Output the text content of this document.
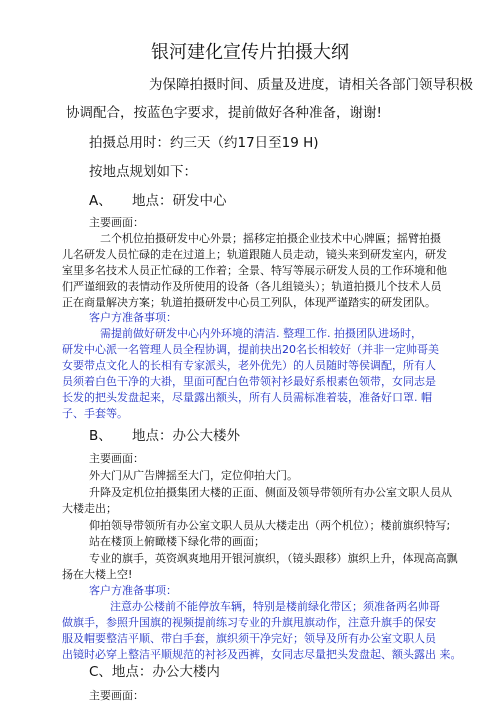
银河建化宣传片拍摄大纲
为保障拍摄时间、质量及进度，请相关各部门领导积极
协调配合，按蓝色字要求，提前做好各种准备，谢谢!
拍摄总用时：约三天（约17日至19 H)
按地点规划如下：
A、　　地点：研发中心
主要画面：
二个机位拍摄研发中心外景；摇移定拍摄企业技术中心牌匾；摇臂拍摄
儿名研发人员忙碌的走在过道上；轨道跟随人员走动，镜头来到研发室内，研发
室里多名技术人员正忙碌的工作着；全景、特写等展示研发人员的工作环境和他
们严谨细致的表情动作及所使用的设备（各儿组镜头）；轨道拍摄儿个技术人员
正在商量解决方案；轨道拍摄研发中心员工列队，体现严谨踏实的研发团队。
客户方准备事项：
需提前做好研发中心内外环境的清洁. 整理工作. 拍摄团队进场时，
研发中心派一名管理人员全程协调，提前抉出20名长相较好（并非一定帅哥美
女要带点文化人的长相有专家派头，老外优先）的人员随时等侯调配，所有人
员须着白色干净的大褂，里面可配白色带领衬衫最好系根素色领带，女同志是
长发的把头发盘起来，尽量露出额头，所有人员需标准着装，准备好口罩. 帽
子、手套等。
B、　　地点：办公大楼外
主要画面：
外大门从广告牌摇至大门，定位仰拍大门。
升降及定机位拍摄集团大楼的正面、侧面及领导带领所有办公室文职人员从
大楼走出；
仰拍领导带领所有办公室文职人员从大楼走出（两个机位）；楼前旗织特写;
站在楼顶上俯瞰楼下绿化带的画面；
专业的旗手，英资飒爽地用开银河旗织，（镜头跟移）旗织上升，体现高高飘
扬在大楼上空!
客户方准备事项：
注意办公楼前不能停放车辆，特别是楼前绿化带区；须准备两名帅哥
做旗手，参照升国旗的视频提前练习专业的升旗甩旗动作，注意升旗手的保安
服及帽要整洁平顺、带白手套，旗织须干净完好；领导及所有办公室文职人员
出镜时必穿上整洁平顺规范的衬衫及西裤，女同志尽量把头发盘起、额头露出 来。
C、地点：办公大楼内
主要画面：
